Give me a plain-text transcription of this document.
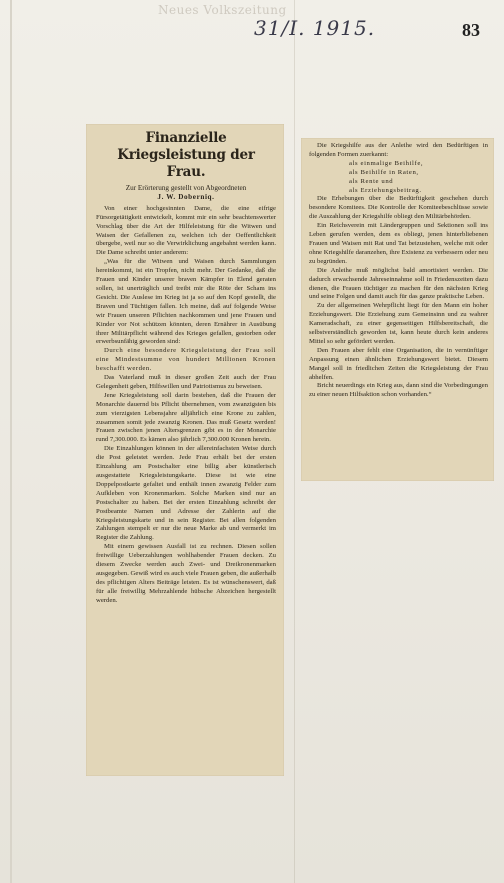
Neues Volkszeitung
31/I. 1915.	83
Finanzielle Kriegsleistung der
Frau.
Zur Erörterung gestellt von Abgeordneten
J. W. Doberniq.

Von einer hochgesinnten Dame, die eine eifrige Fürsorgetätigkeit entwickelt, kommt mir ein sehr beachtenswerter Vorschlag über die Art der Hilfeleistung für die Witwen und Waisen der Gefallenen zu, welchen ich der Oeffentlichkeit übergebe, weil nur so die Verwirklichung angebahnt werden kann. Die Dame schreibt unter anderem:

„Was für die Witwen und Waisen durch Sammlungen hereinkommt, ist ein Tropfen, nicht mehr. Der Gedanke, daß die Frauen und Kinder unserer braven Kämpfer in Elend geraten sollen, ist unerträglich und treibt mir die Röte der Scham ins Gesicht. Die Auslese im Krieg ist ja so auf den Kopf gestellt, die Braven und Tüchtigen fallen. Ich meine, daß auf folgende Weise wir Frauen unseren Pflichten nachkommen und jene Frauen und Kinder vor Not schützen könnten, deren Ernährer in Ausübung ihrer Militärpflicht während des Krieges gefallen, gestorben oder erwerbsunfähig geworden sind:

Durch eine besondere Kriegsleistung der Frau soll eine Mindestsumme von hundert Millionen Kronen beschafft werden.

Das Vaterland muß in dieser großen Zeit auch der Frau Gelegenheit geben, Hilfswillen und Patriotismus zu beweisen.

Jene Kriegsleistung soll darin bestehen, daß die Frauen der Monarchie dauernd bis Pflicht übernehmen, vom zwanzigsten bis zum vierzigsten Lebensjahre alljährlich eine Krone zu zahlen, zusammen somit jede zwanzig Kronen. Das muß Gesetz werden! Frauen zwischen jenen Altersgrenzen gibt es in der Monarchie rund 7,300.000. Es kämen also jährlich 7,300.000 Kronen herein.

Die Einzahlungen können in der allereinfachsten Weise durch die Post geleistet werden. Jede Frau erhält bei der ersten Einzahlung am Postschalter eine billig aber künstlerisch ausgestattete Kriegsleistungskarte. Diese ist wie eine Doppelpostkarte gefaltet und enthält innen zwanzig Felder zum Aufkleben von Kronenmarken. Solche Marken sind nur an Postschalter zu haben. Bei der ersten Einzahlung schreibt der Postbeamte Namen und Adresse der Zahlerin auf die Kriegsleistungskarte und in sein Register. Bei allen folgenden Zahlungen stempelt er nur die neue Marke ab und vermerkt im Register die Zahlung.

Mit einem gewissen Ausfall ist zu rechnen. Diesen sollen freiwillige Ueberzahlungen wohlhabender Frauen decken. Zu diesem Zwecke werden auch Zwei- und Dreikronenmarken ausgegeben. Gewiß wird es auch viele Frauen geben, die außerhalb des pflichtigen Alters Beiträge leisten. Es ist wünschenswert, daß für alle freiwillig Mehrzahlende hübsche Abzeichen hergestellt werden.

Die Kriegshilfe aus der Anleihe wird den Bedürftigen in folgenden Formen zuerkannt:

als einmalige Beihilfe,
als Beihilfe in Raten,
als Rente und
als Erziehungsbeitrag.

Die Erhebungen über die Bedürftigkeit geschehen durch besondere Komitees. Die Kontrolle der Komiteebeschlüsse sowie die Auszahlung der Kriegshilfe obliegt den Militärbehörden.

Ein Reichsverein mit Ländergruppen und Sektionen soll ins Leben gerufen werden, dem es obliegt, jenen hinterbliebenen Frauen und Waisen mit Rat und Tat beizustehen, welche mit oder ohne Kriegshilfe daranzehen, ihre Existenz zu verbessern oder neu zu begründen.

Die Anleihe muß möglichst bald amortisiert werden. Die dadurch erwachsende Jahreseinnahme soll in Friedenszeiten dazu dienen, die Frauen tüchtiger zu machen für den nächsten Krieg und seine Folgen und damit auch für das ganze praktische Leben.

Zu der allgemeinen Wehrpflicht liegt für den Mann ein hoher Erziehungswert. Die Erziehung zum Gemeinsinn und zu wahrer Kameradschaft, zu einer gegenseitigen Hilfsbereitschaft, die selbstverständlich geworden ist, kann heute durch kein anderes Mittel so sehr gefördert werden.

Den Frauen aber fehlt eine Organisation, die in vernünftiger Anpassung einen ähnlichen Erziehungswert bietet. Diesem Mangel soll in friedlichen Zeiten die Kriegsleistung der Frau abhelfen.

Bricht neuerdings ein Krieg aus, dann sind die Vorbedingungen zu einer neuen Hilfsaktion schon vorhanden.“
